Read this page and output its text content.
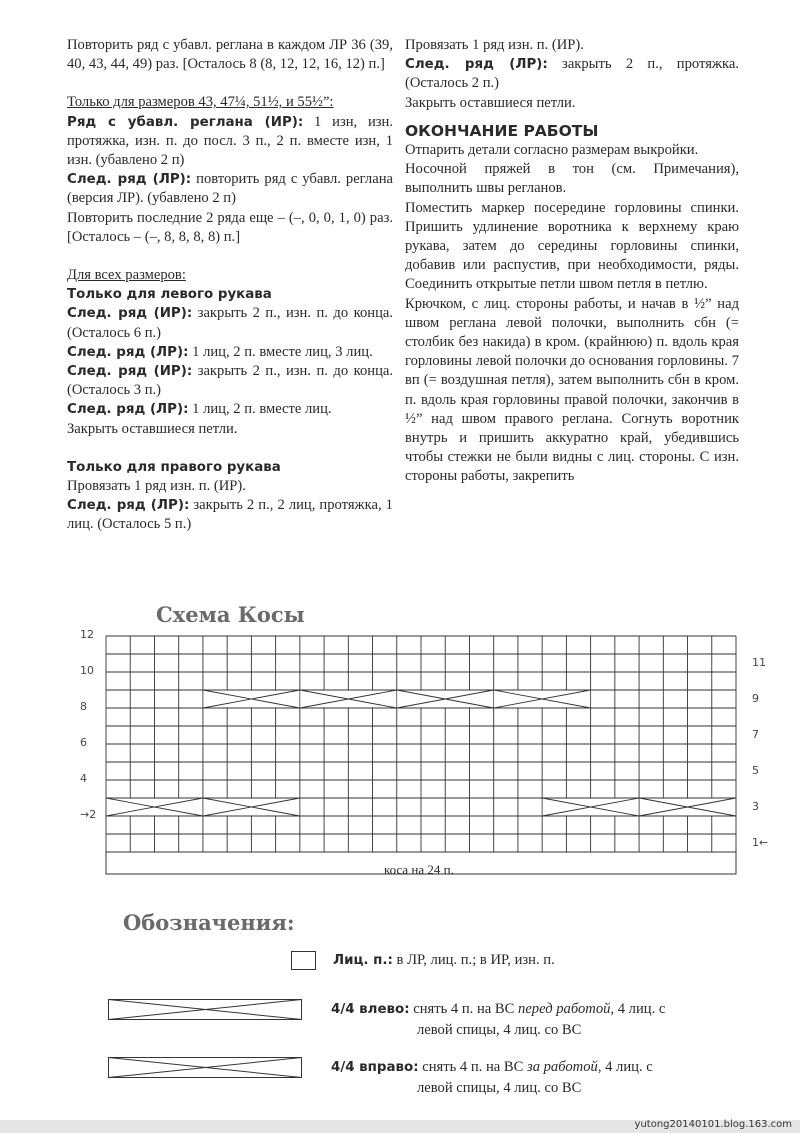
Повторить ряд с убавл. реглана в каждом ЛР 36 (39, 40, 43, 44, 49) раз. [Осталось 8 (8, 12, 12, 16, 12) п.]

Только для размеров 43, 47¼, 51½, и 55½”:

Ряд с убавл. реглана (ИР): 1 изн, изн. протяжка, изн. п. до посл. 3 п., 2 п. вместе изн, 1 изн. (убавлено 2 п)

След. ряд (ЛР): повторить ряд с убавл. реглана (версия ЛР). (убавлено 2 п)

Повторить последние 2 ряда еще – (–, 0, 0, 1, 0) раз. [Осталось – (–, 8, 8, 8, 8) п.]

Для всех размеров:

Только для левого рукава

След. ряд (ИР): закрыть 2 п., изн. п. до конца. (Осталось 6 п.)

След. ряд (ЛР): 1 лиц, 2 п. вместе лиц, 3 лиц.

След. ряд (ИР): закрыть 2 п., изн. п. до конца. (Осталось 3 п.)

След. ряд (ЛР): 1 лиц, 2 п. вместе лиц.

Закрыть оставшиеся петли.

Только для правого рукава

Провязать 1 ряд изн. п. (ИР).

След. ряд (ЛР): закрыть 2 п., 2 лиц, протяжка, 1 лиц. (Осталось 5 п.)

Провязать 1 ряд изн. п. (ИР).

След. ряд (ЛР): закрыть 2 п., протяжка. (Осталось 2 п.)

Закрыть оставшиеся петли.

ОКОНЧАНИЕ РАБОТЫ

Отпарить детали согласно размерам выкройки.

Носочной пряжей в тон (см. Примечания), выполнить швы регланов.

Поместить маркер посередине горловины спинки. Пришить удлинение воротника к верхнему краю рукава, затем до середины горловины спинки, добавив или распустив, при необходимости, ряды. Соединить открытые петли швом петля в петлю.

Крючком, с лиц. стороны работы, и начав в ½” над швом реглана левой полочки, выполнить сбн (= столбик без накида) в кром. (крайнюю) п. вдоль края горловины левой полочки до основания горловины. 7 вп (= воздушная петля), затем выполнить сбн в кром. п. вдоль края горловины правой полочки, закончив в ½” над швом правого реглана. Согнуть воротник внутрь и пришить аккуратно край, убедившись чтобы стежки не были видны с лиц. стороны. С изн. стороны работы, закрепить

Схема Косы
12
10
8
6
4
→2
11
9
7
5
3
1←
коса на 24 п.
Обозначения:
Лиц. п.: в ЛР, лиц. п.; в ИР, изн. п.
4/4 влево: снять 4 п. на ВС перед работой, 4 лиц. с
левой спицы, 4 лиц. со ВС
4/4 вправо: снять 4 п. на ВС за работой, 4 лиц. с
левой спицы, 4 лиц. со ВС
yutong20140101.blog.163.com
